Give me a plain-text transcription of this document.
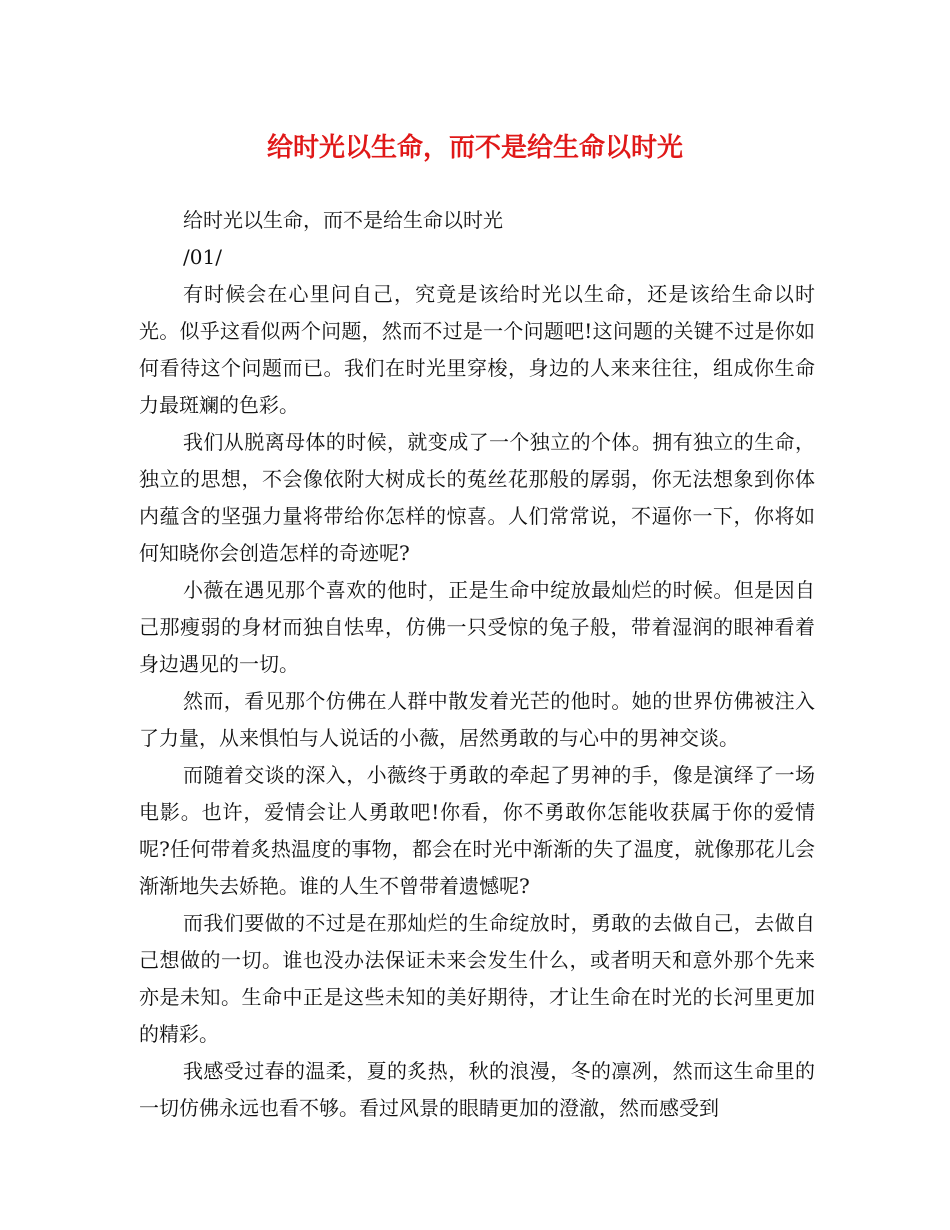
给时光以生命，而不是给生命以时光

给时光以生命，而不是给生命以时光

/01/

有时候会在心里问自己，究竟是该给时光以生命，还是该给生命以时光。似乎这看似两个问题，然而不过是一个问题吧!这问题的关键不过是你如何看待这个问题而已。我们在时光里穿梭，身边的人来来往往，组成你生命力最斑斓的色彩。

我们从脱离母体的时候，就变成了一个独立的个体。拥有独立的生命，独立的思想，不会像依附大树成长的菟丝花那般的孱弱，你无法想象到你体内蕴含的坚强力量将带给你怎样的惊喜。人们常常说，不逼你一下，你将如何知晓你会创造怎样的奇迹呢?

小薇在遇见那个喜欢的他时，正是生命中绽放最灿烂的时候。但是因自己那瘦弱的身材而独自怯卑，仿佛一只受惊的兔子般，带着湿润的眼神看着身边遇见的一切。

然而，看见那个仿佛在人群中散发着光芒的他时。她的世界仿佛被注入了力量，从来惧怕与人说话的小薇，居然勇敢的与心中的男神交谈。

而随着交谈的深入，小薇终于勇敢的牵起了男神的手，像是演绎了一场电影。也许，爱情会让人勇敢吧!你看，你不勇敢你怎能收获属于你的爱情呢?任何带着炙热温度的事物，都会在时光中渐渐的失了温度，就像那花儿会渐渐地失去娇艳。谁的人生不曾带着遗憾呢?

而我们要做的不过是在那灿烂的生命绽放时，勇敢的去做自己，去做自己想做的一切。谁也没办法保证未来会发生什么，或者明天和意外那个先来亦是未知。生命中正是这些未知的美好期待，才让生命在时光的长河里更加的精彩。

我感受过春的温柔，夏的炙热，秋的浪漫，冬的凛冽，然而这生命里的一切仿佛永远也看不够。看过风景的眼睛更加的澄澈，然而感受到
